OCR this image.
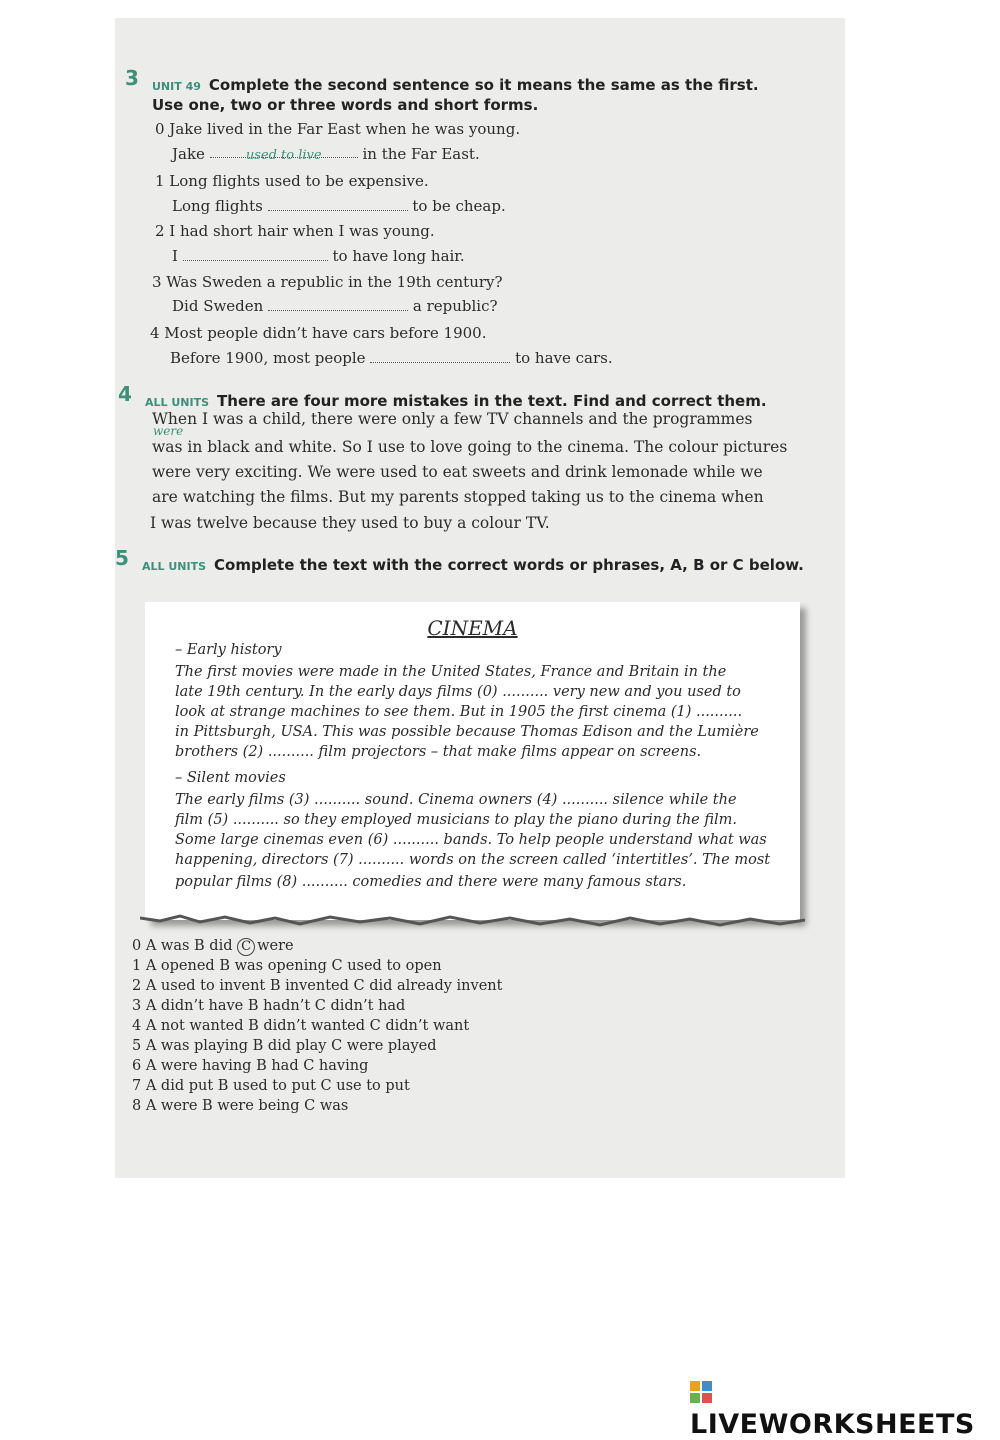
3 UNIT 49 Complete the second sentence so it means the same as the first.
Use one, two or three words and short forms.
0 Jake lived in the Far East when he was young.
Jake	used to live	in the Far East.
1 Long flights used to be expensive.
Long flights	to be cheap.
2 I had short hair when I was young.
I	to have long hair.
3 Was Sweden a republic in the 19th century?
Did Sweden	a republic?
4 Most people didn’t have cars before 1900.
Before 1900, most people	to have cars.
4 ALL UNITS There are four more mistakes in the text. Find and correct them.
were
When I was a child, there were only a few TV channels and the programmes
was in black and white. So I use to love going to the cinema. The colour pictures
were very exciting. We were used to eat sweets and drink lemonade while we
are watching the films. But my parents stopped taking us to the cinema when
I was twelve because they used to buy a colour TV.
5 ALL UNITS Complete the text with the correct words or phrases, A, B or C below.
CINEMA
– Early history
The first movies were made in the United States, France and Britain in the
late 19th century. In the early days films (0) .......... very new and you used to
look at strange machines to see them. But in 1905 the first cinema (1) ..........
in Pittsburgh, USA. This was possible because Thomas Edison and the Lumière
brothers (2) .......... film projectors – that make films appear on screens.
– Silent movies
The early films (3) .......... sound. Cinema owners (4) .......... silence while the
film (5) .......... so they employed musicians to play the piano during the film.
Some large cinemas even (6) .......... bands. To help people understand what was
happening, directors (7) .......... words on the screen called ‘intertitles’. The most
popular films (8) .......... comedies and there were many famous stars.
0 A was B did C were
1 A opened B was opening C used to open
2 A used to invent B invented C did already invent
3 A didn’t have B hadn’t C didn’t had
4 A not wanted B didn’t wanted C didn’t want
5 A was playing B did play C were played
6 A were having B had C having
7 A did put B used to put C use to put
8 A were B were being C was
LIVEWORKSHEETS
